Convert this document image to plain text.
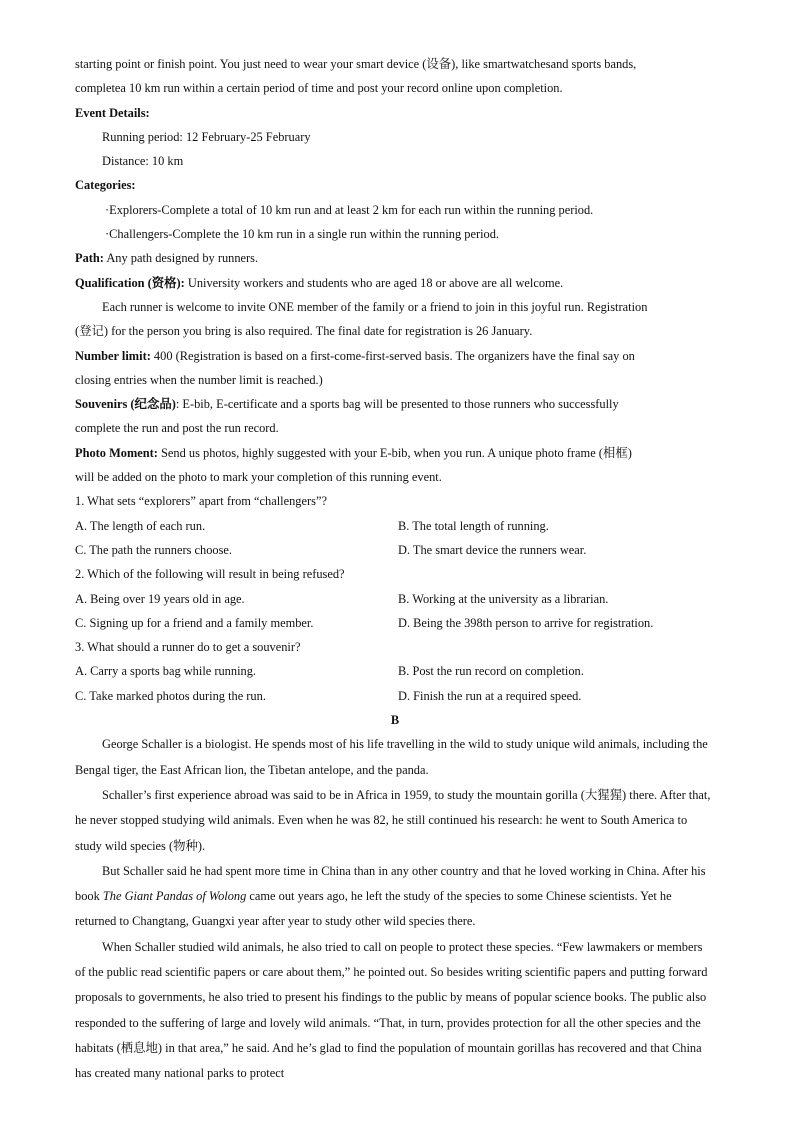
starting point or finish point. You just need to wear your smart device (设备), like smartwatchesand sports bands,

completea 10 km run within a certain period of time and post your record online upon completion.

Event Details:

Running period: 12 February-25 February

Distance: 10 km

Categories:

·Explorers-Complete a total of 10 km run and at least 2 km for each run within the running period.

·Challengers-Complete the 10 km run in a single run within the running period.

Path: Any path designed by runners.

Qualification (资格): University workers and students who are aged 18 or above are all welcome.

Each runner is welcome to invite ONE member of the family or a friend to join in this joyful run. Registration

(登记) for the person you bring is also required. The final date for registration is 26 January.

Number limit: 400 (Registration is based on a first-come-first-served basis. The organizers have the final say on

closing entries when the number limit is reached.)

Souvenirs (纪念品): E-bib, E-certificate and a sports bag will be presented to those runners who successfully

complete the run and post the run record.

Photo Moment: Send us photos, highly suggested with your E-bib, when you run. A unique photo frame (相框)

will be added on the photo to mark your completion of this running event.

1. What sets “explorers” apart from “challengers”?

A. The length of each run.	B. The total length of running.
C. The path the runners choose.	D. The smart device the runners wear.

2. Which of the following will result in being refused?

A. Being over 19 years old in age.	B. Working at the university as a librarian.
C. Signing up for a friend and a family member.	D. Being the 398th person to arrive for registration.

3. What should a runner do to get a souvenir?

A. Carry a sports bag while running.	B. Post the run record on completion.
C. Take marked photos during the run.	D. Finish the run at a required speed.

B

George Schaller is a biologist. He spends most of his life travelling in the wild to study unique wild animals, including the Bengal tiger, the East African lion, the Tibetan antelope, and the panda.

Schaller’s first experience abroad was said to be in Africa in 1959, to study the mountain gorilla (大猩猩) there. After that, he never stopped studying wild animals. Even when he was 82, he still continued his research: he went to South America to study wild species (物种).

But Schaller said he had spent more time in China than in any other country and that he loved working in China. After his book The Giant Pandas of Wolong came out years ago, he left the study of the species to some Chinese scientists. Yet he returned to Changtang, Guangxi year after year to study other wild species there.

When Schaller studied wild animals, he also tried to call on people to protect these species. “Few lawmakers or members of the public read scientific papers or care about them,” he pointed out. So besides writing scientific papers and putting forward proposals to governments, he also tried to present his findings to the public by means of popular science books. The public also responded to the suffering of large and lovely wild animals. “That, in turn, provides protection for all the other species and the habitats (栖息地) in that area,” he said. And he’s glad to find the population of mountain gorillas has recovered and that China has created many national parks to protect
